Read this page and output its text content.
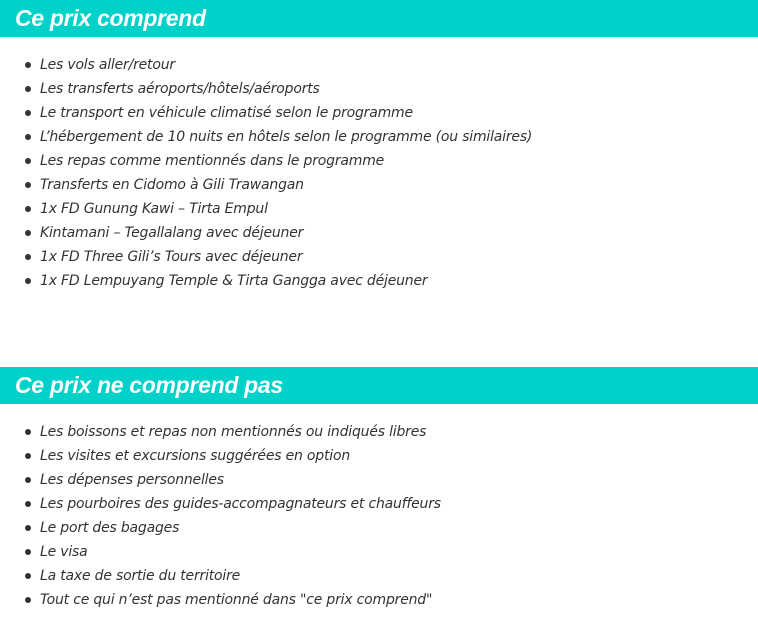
Ce prix comprend
Les vols aller/retour
Les transferts aéroports/hôtels/aéroports
Le transport en véhicule climatisé selon le programme
L’hébergement de 10 nuits en hôtels selon le programme (ou similaires)
Les repas comme mentionnés dans le programme
Transferts en Cidomo à Gili Trawangan
1x FD Gunung Kawi – Tirta Empul
Kintamani – Tegallalang avec déjeuner
1x FD Three Gili’s Tours avec déjeuner
1x FD Lempuyang Temple & Tirta Gangga avec déjeuner
Ce prix ne comprend pas
Les boissons et repas non mentionnés ou indiqués libres
Les visites et excursions suggérées en option
Les dépenses personnelles
Les pourboires des guides-accompagnateurs et chauffeurs
Le port des bagages
Le visa
La taxe de sortie du territoire
Tout ce qui n’est pas mentionné dans "ce prix comprend"
